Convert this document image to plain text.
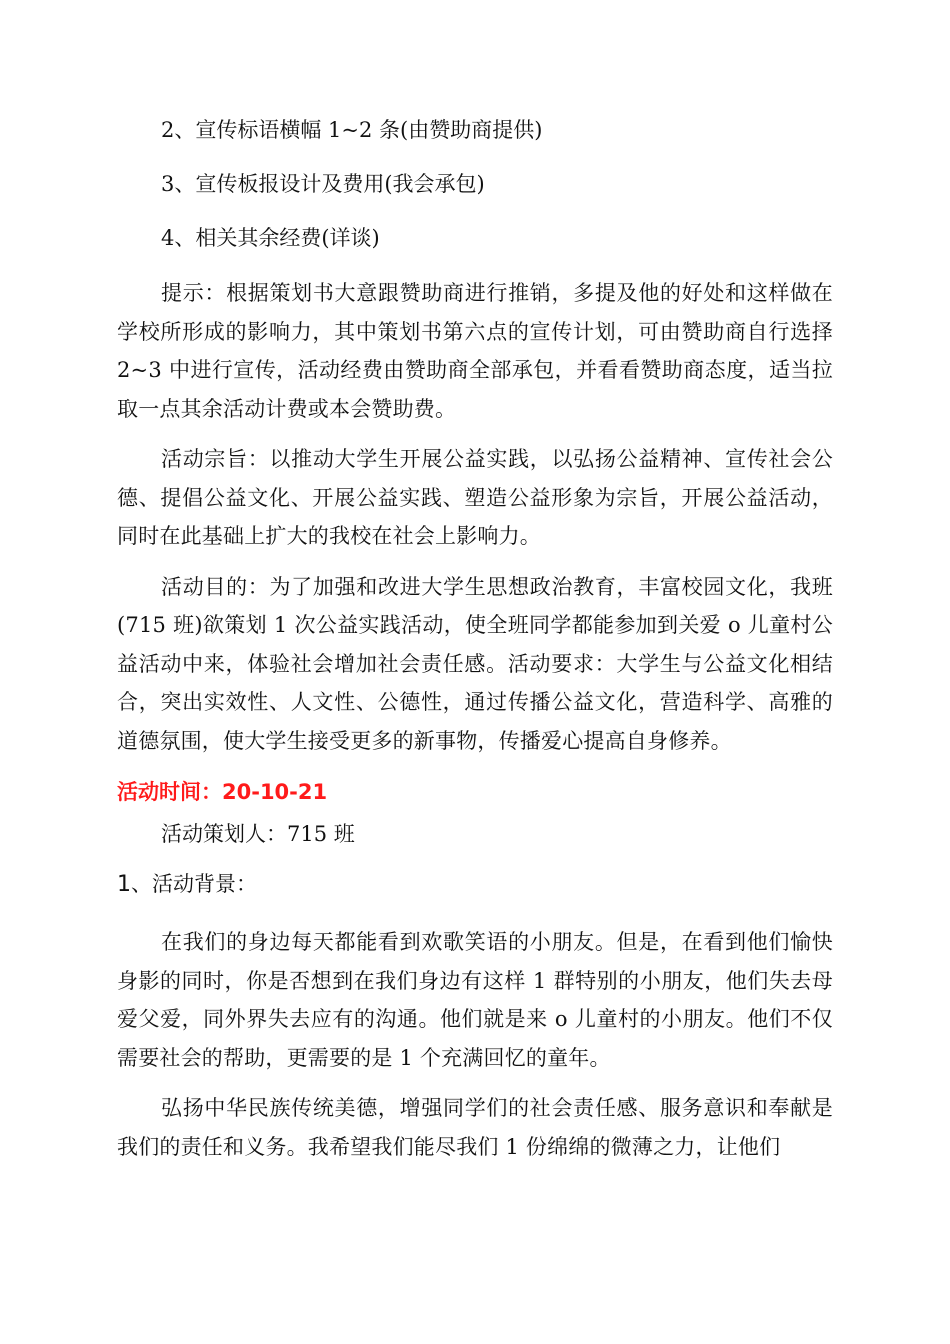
2、宣传标语横幅 1~2 条(由赞助商提供)

3、宣传板报设计及费用(我会承包)

4、相关其余经费(详谈)

提示：根据策划书大意跟赞助商进行推销，多提及他的好处和这样做在学校所形成的影响力，其中策划书第六点的宣传计划，可由赞助商自行选择 2~3 中进行宣传，活动经费由赞助商全部承包，并看看赞助商态度，适当拉取一点其余活动计费或本会赞助费。

活动宗旨：以推动大学生开展公益实践，以弘扬公益精神、宣传社会公德、提倡公益文化、开展公益实践、塑造公益形象为宗旨，开展公益活动，同时在此基础上扩大的我校在社会上影响力。

活动目的：为了加强和改进大学生思想政治教育，丰富校园文化，我班(715 班)欲策划 1 次公益实践活动，使全班同学都能参加到关爱 o 儿童村公益活动中来，体验社会增加社会责任感。活动要求：大学生与公益文化相结合，突出实效性、人文性、公德性，通过传播公益文化，营造科学、高雅的道德氛围，使大学生接受更多的新事物，传播爱心提高自身修养。

活动时间：20-10-21

活动策划人：715 班

1、活动背景：

在我们的身边每天都能看到欢歌笑语的小朋友。但是，在看到他们愉快身影的同时，你是否想到在我们身边有这样 1 群特别的小朋友，他们失去母爱父爱，同外界失去应有的沟通。他们就是来 o 儿童村的小朋友。他们不仅需要社会的帮助，更需要的是 1 个充满回忆的童年。

弘扬中华民族传统美德，增强同学们的社会责任感、服务意识和奉献是我们的责任和义务。我希望我们能尽我们 1 份绵绵的微薄之力，让他们
